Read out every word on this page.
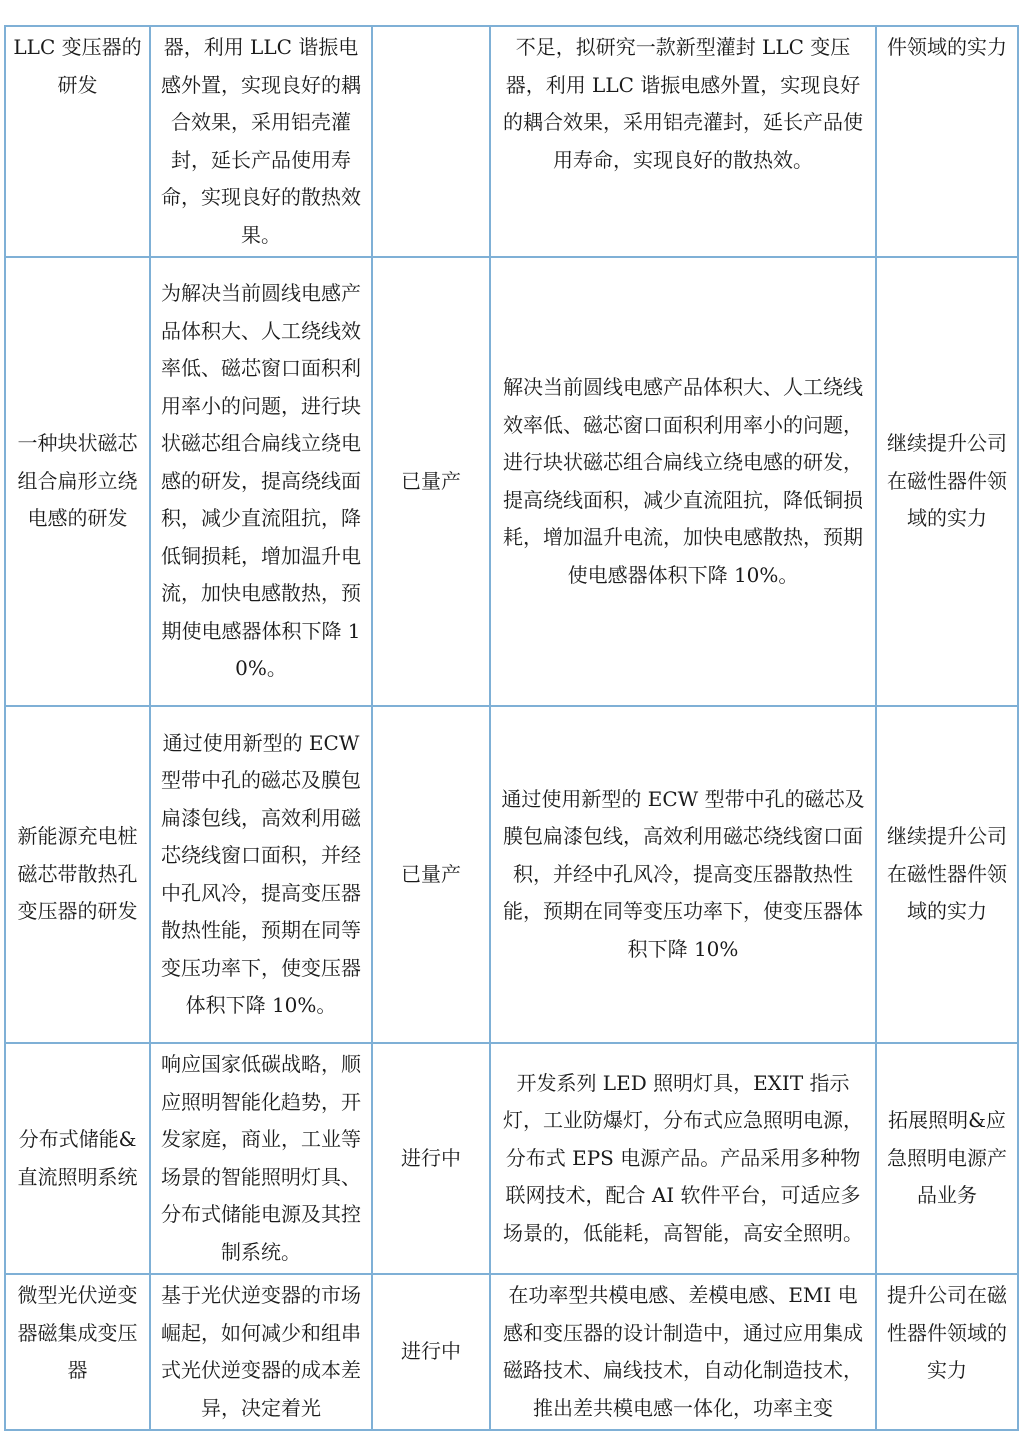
LLC 变压器的研发	器，利用 LLC 谐振电感外置，实现良好的耦合效果，采用铝壳灌封，延长产品使用寿命，实现良好的散热效果。		不足，拟研究一款新型灌封 LLC 变压器，利用 LLC 谐振电感外置，实现良好的耦合效果，采用铝壳灌封，延长产品使用寿命，实现良好的散热效。	件领域的实力
一种块状磁芯组合扁形立绕电感的研发	为解决当前圆线电感产品体积大、人工绕线效率低、磁芯窗口面积利用率小的问题，进行块状磁芯组合扁线立绕电感的研发，提高绕线面积，减少直流阻抗，降低铜损耗，增加温升电流，加快电感散热，预期使电感器体积下降 10%。	已量产	解决当前圆线电感产品体积大、人工绕线效率低、磁芯窗口面积利用率小的问题，进行块状磁芯组合扁线立绕电感的研发，提高绕线面积，减少直流阻抗，降低铜损耗，增加温升电流，加快电感散热，预期使电感器体积下降 10%。	继续提升公司在磁性器件领域的实力
新能源充电桩磁芯带散热孔变压器的研发	通过使用新型的 ECW 型带中孔的磁芯及膜包扁漆包线，高效利用磁芯绕线窗口面积，并经中孔风冷，提高变压器散热性能，预期在同等变压功率下，使变压器体积下降 10%。	已量产	通过使用新型的 ECW 型带中孔的磁芯及膜包扁漆包线，高效利用磁芯绕线窗口面积，并经中孔风冷，提高变压器散热性能，预期在同等变压功率下，使变压器体积下降 10%	继续提升公司在磁性器件领域的实力
分布式储能&直流照明系统	响应国家低碳战略，顺应照明智能化趋势，开发家庭，商业，工业等场景的智能照明灯具、分布式储能电源及其控制系统。	进行中	开发系列 LED 照明灯具，EXIT 指示灯，工业防爆灯，分布式应急照明电源，分布式 EPS 电源产品。产品采用多种物联网技术，配合 AI 软件平台，可适应多场景的，低能耗，高智能，高安全照明。	拓展照明&应急照明电源产品业务
微型光伏逆变器磁集成变压器	基于光伏逆变器的市场崛起，如何减少和组串式光伏逆变器的成本差异，决定着光	进行中	在功率型共模电感、差模电感、EMI 电感和变压器的设计制造中，通过应用集成磁路技术、扁线技术，自动化制造技术，推出差共模电感一体化，功率主变	提升公司在磁性器件领域的实力
